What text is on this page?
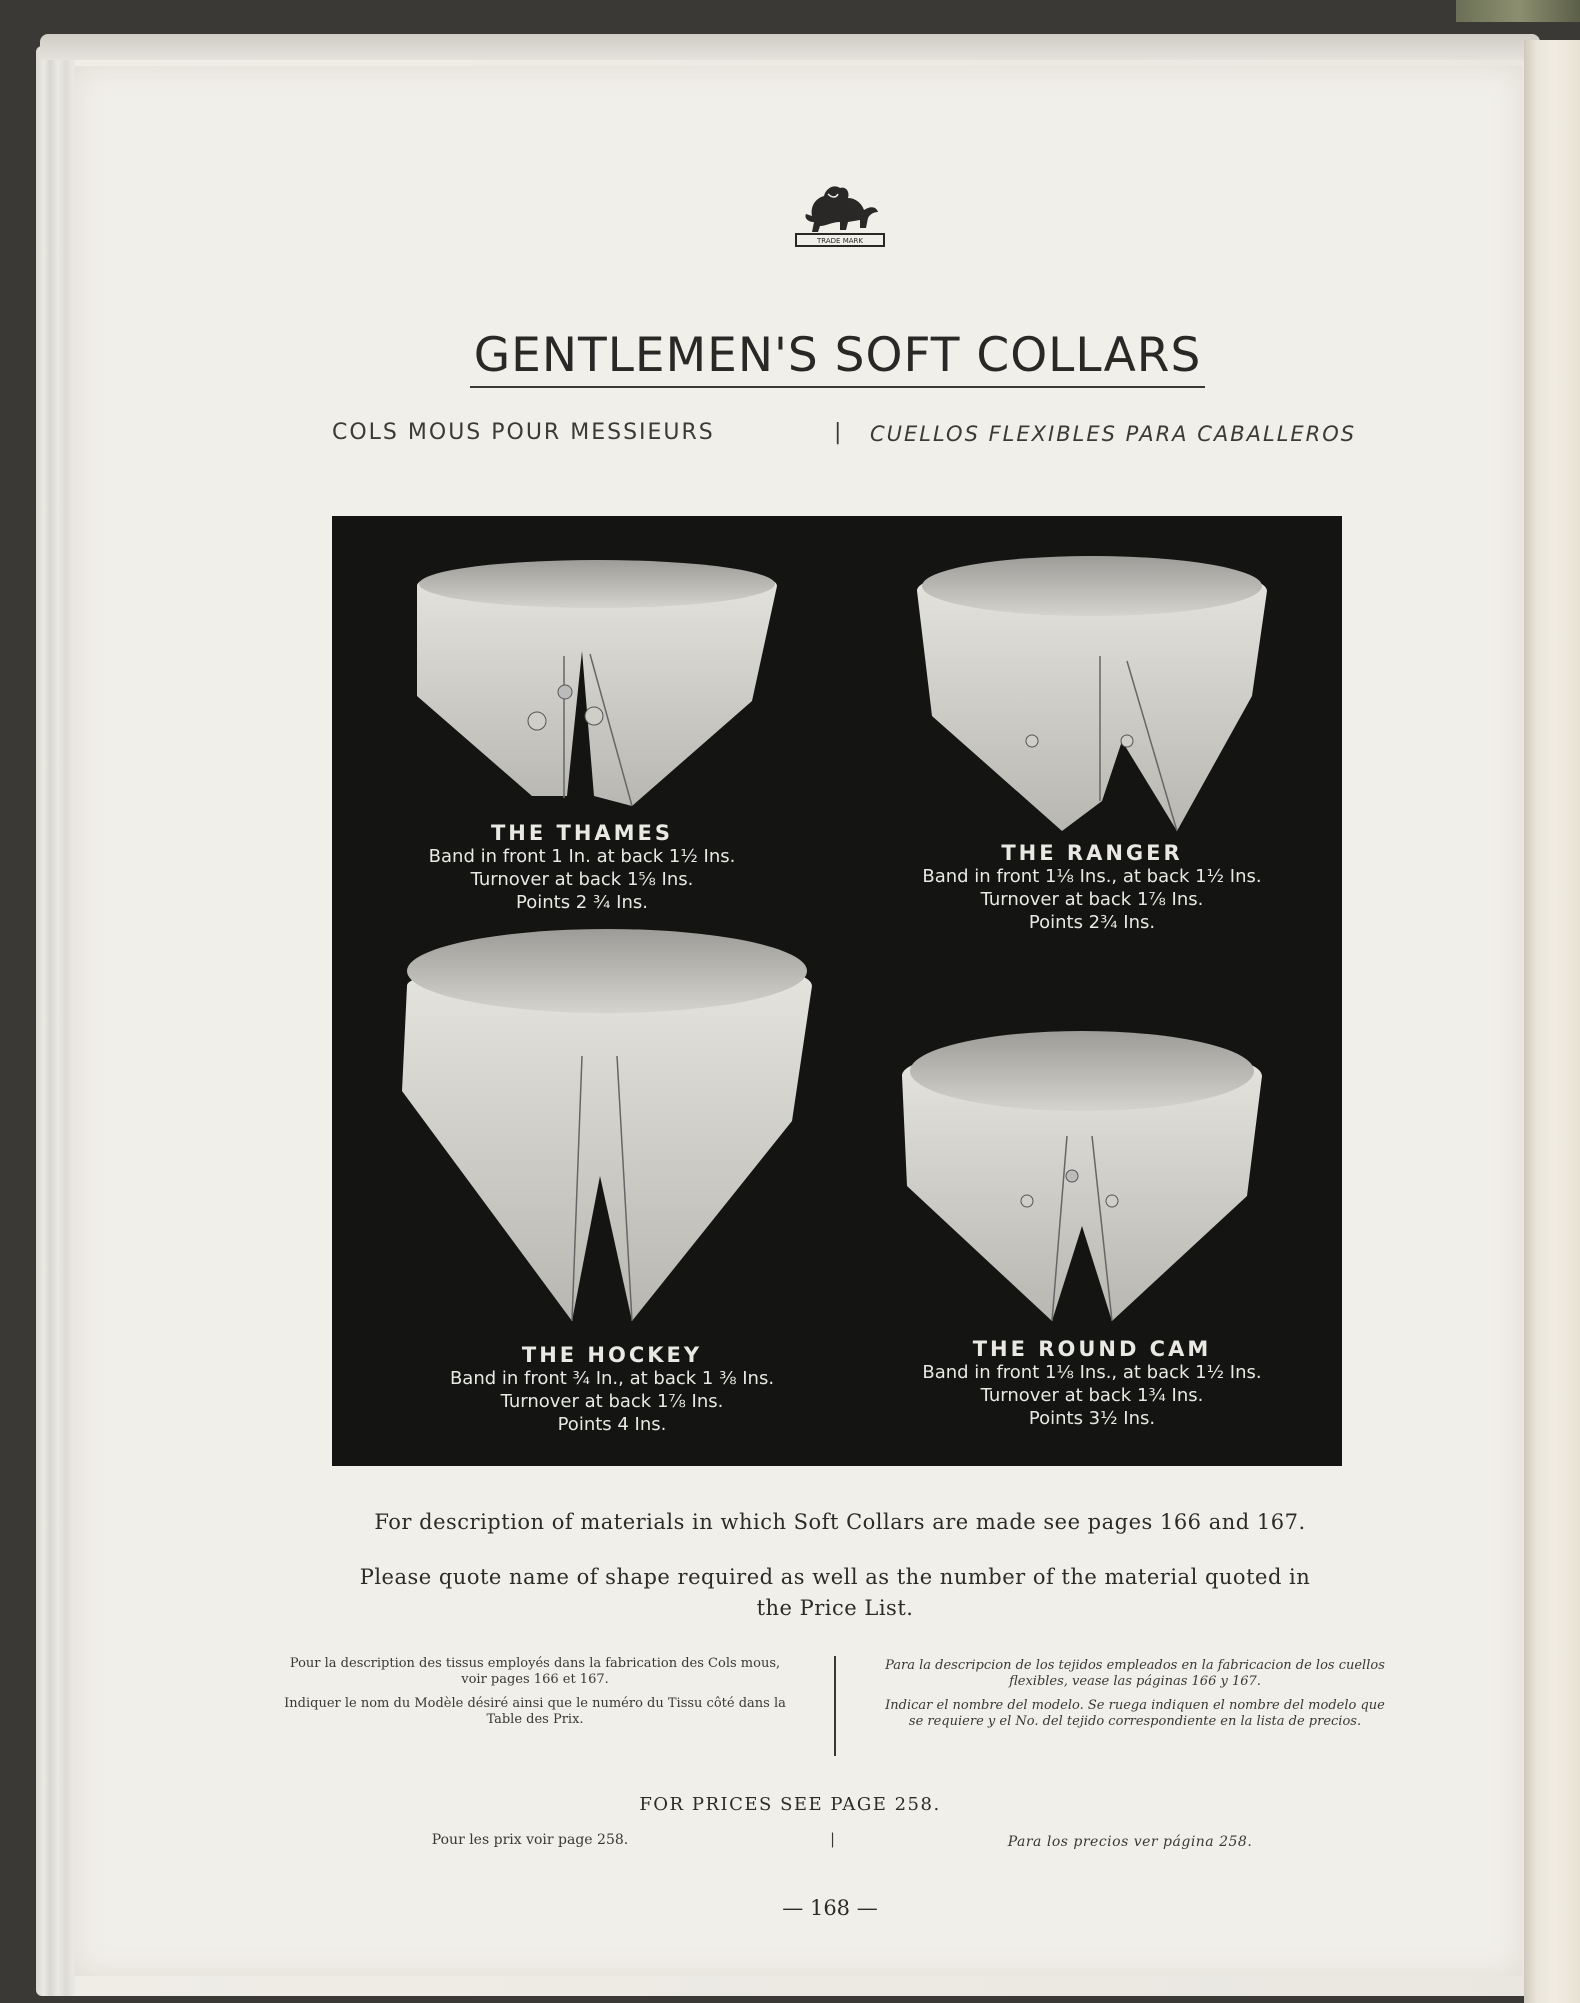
TRADE MARK
GENTLEMEN'S SOFT COLLARS
COLS MOUS POUR MESSIEURS	| CUELLOS FLEXIBLES PARA CABALLEROS
THE THAMES
Band in front 1 In. at back 1½ Ins.
Turnover at back 1⅝ Ins.
Points 2 ¾ Ins.
THE RANGER
Band in front 1⅛ Ins., at back 1½ Ins.
Turnover at back 1⅞ Ins.
Points 2¾ Ins.
THE HOCKEY
Band in front ¾ In., at back 1 ⅜ Ins.
Turnover at back 1⅞ Ins.
Points 4 Ins.
THE ROUND CAM
Band in front 1⅛ Ins., at back 1½ Ins.
Turnover at back 1¾ Ins.
Points 3½ Ins.
For description of materials in which Soft Collars are made see pages 166 and 167.
Please quote name of shape required as well as the number of the material quoted in the Price List.

Pour la description des tissus employés dans la fabrication des Cols mous, voir pages 166 et 167.

Indiquer le nom du Modèle désiré ainsi que le numéro du Tissu côté dans la Table des Prix.

Para la descripcion de los tejidos empleados en la fabricacion de los cuellos flexibles, vease las páginas 166 y 167.

Indicar el nombre del modelo. Se ruega indiquen el nombre del modelo que se requiere y el No. del tejido correspondiente en la lista de precios.

FOR PRICES SEE PAGE 258.
Pour les prix voir page 258.	|	Para los precios ver página 258.
— 168 —
